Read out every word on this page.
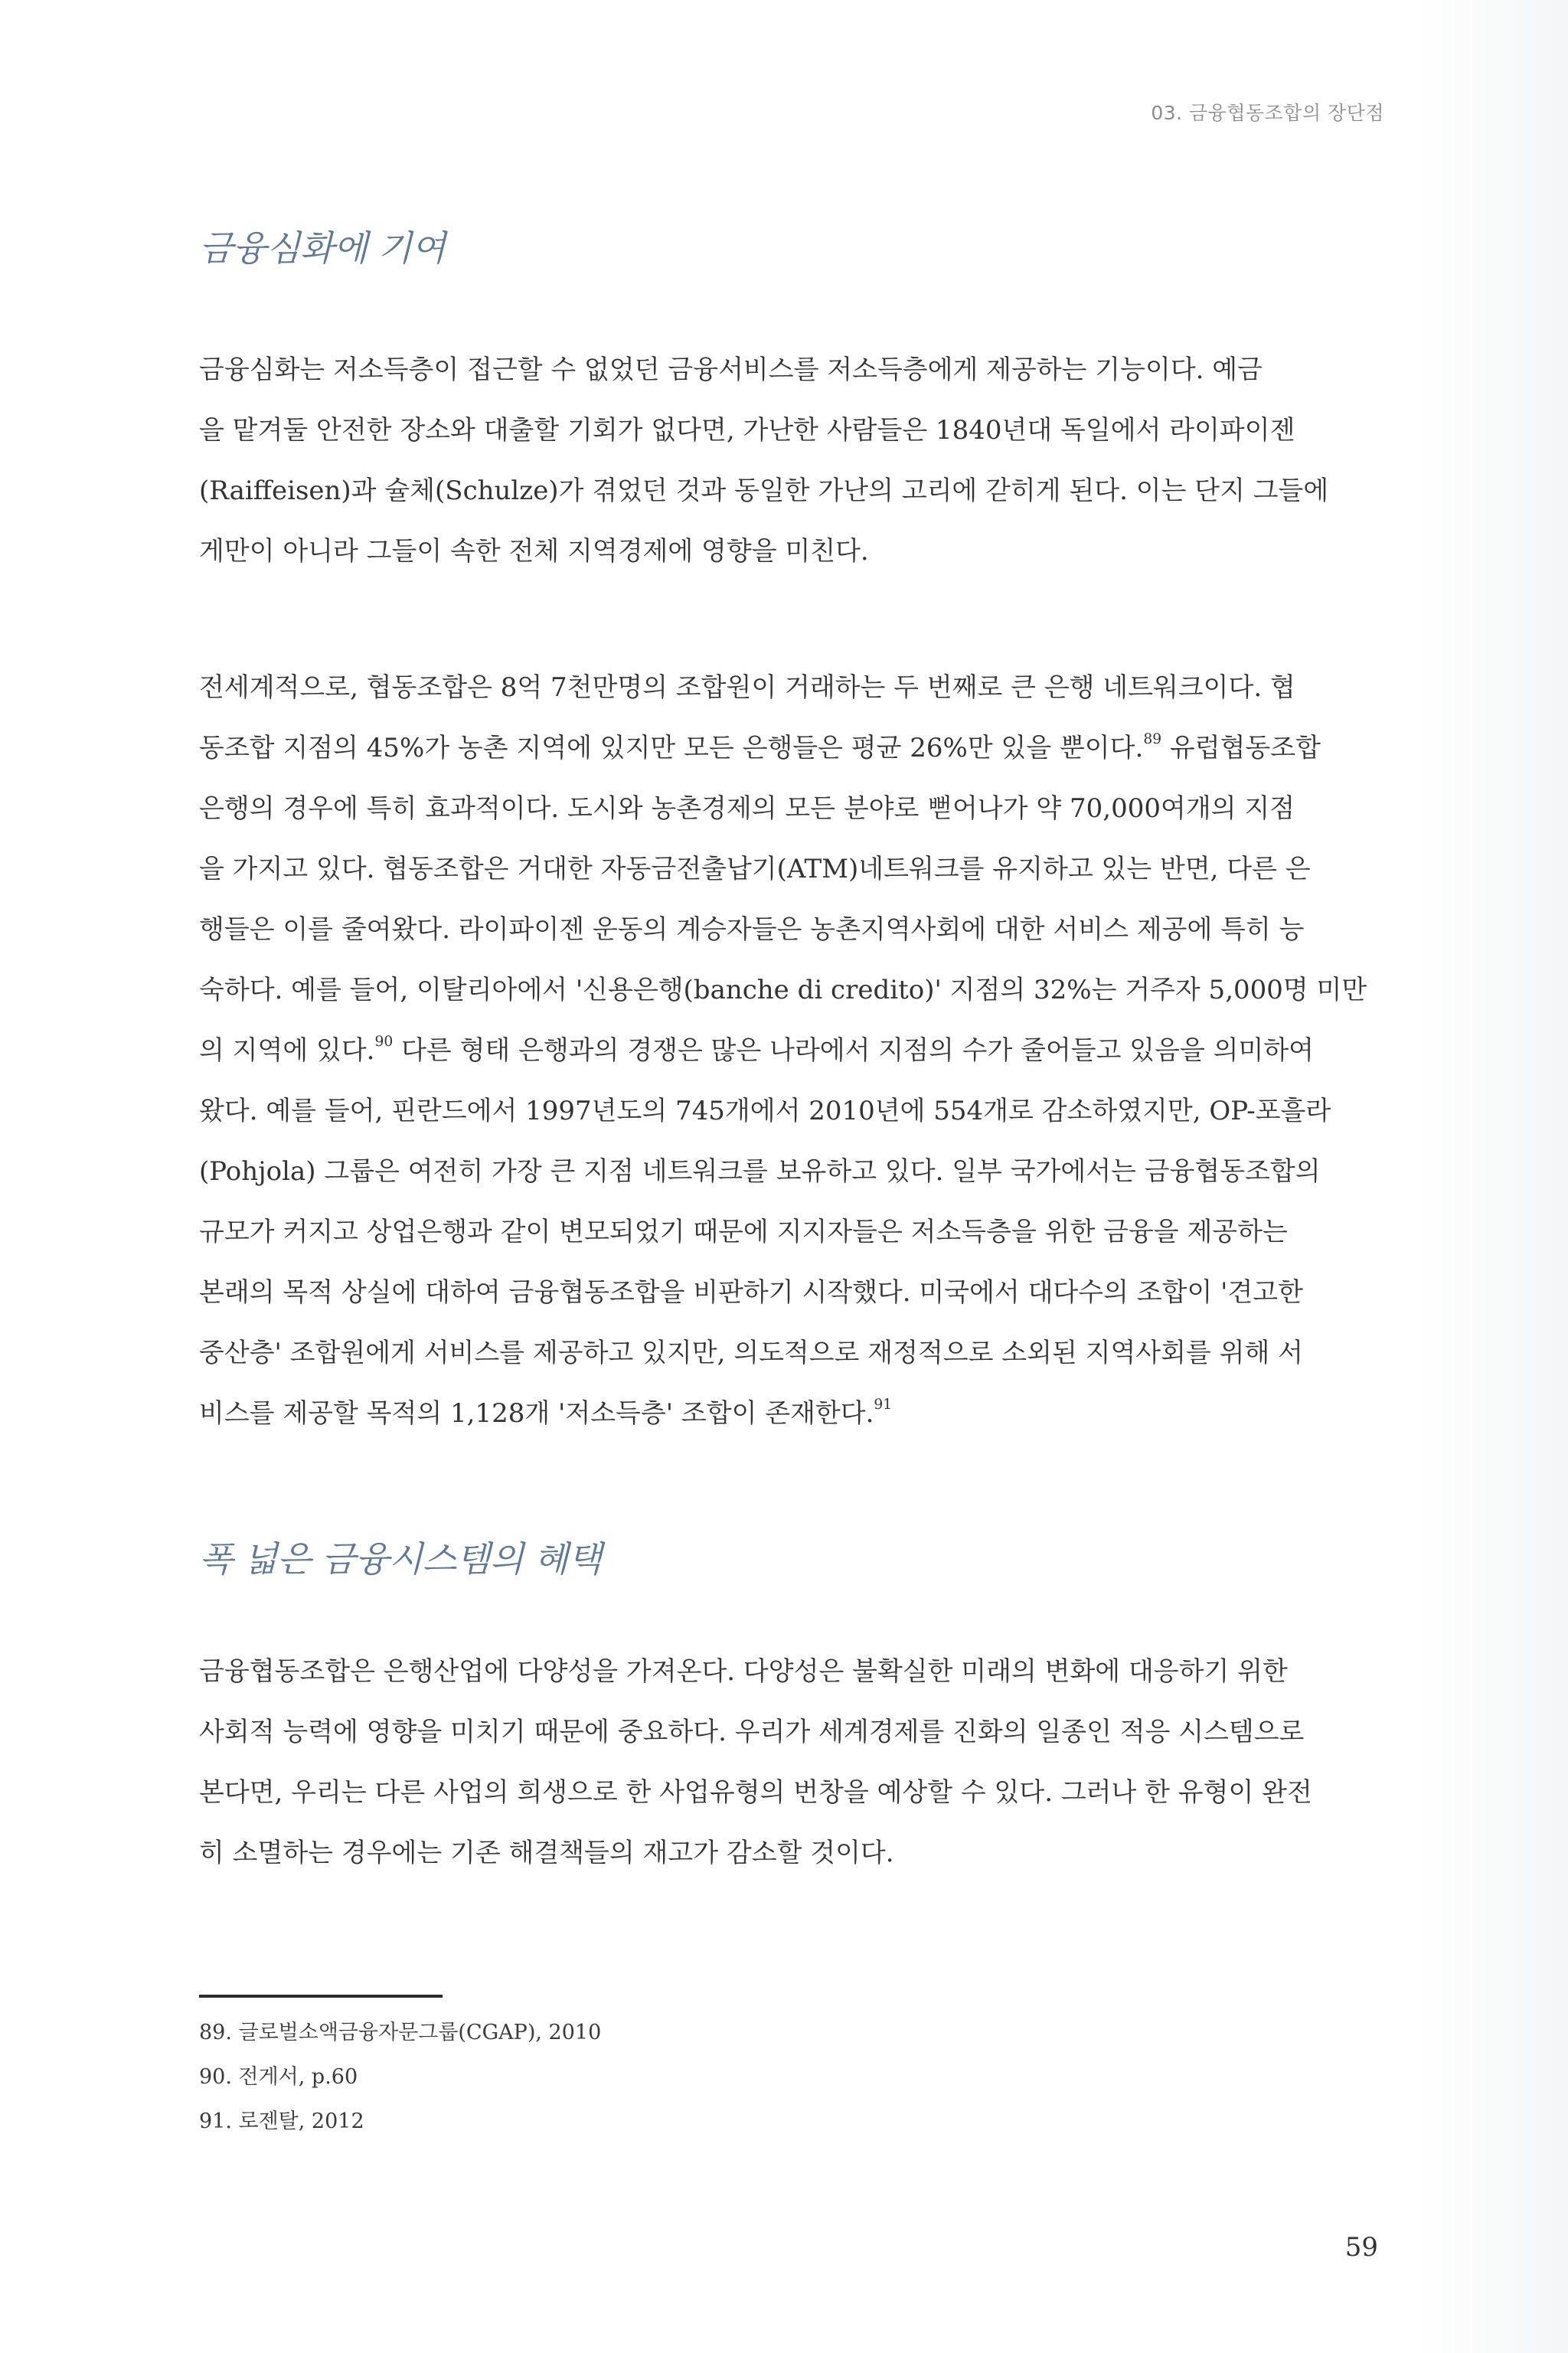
03. 금융협동조합의 장단점
금융심화에 기여
금융심화는 저소득층이 접근할 수 없었던 금융서비스를 저소득층에게 제공하는 기능이다. 예금
을 맡겨둘 안전한 장소와 대출할 기회가 없다면, 가난한 사람들은 1840년대 독일에서 라이파이젠
(Raiffeisen)과 슐체(Schulze)가 겪었던 것과 동일한 가난의 고리에 갇히게 된다. 이는 단지 그들에
게만이 아니라 그들이 속한 전체 지역경제에 영향을 미친다.
전세계적으로, 협동조합은 8억 7천만명의 조합원이 거래하는 두 번째로 큰 은행 네트워크이다. 협
동조합 지점의 45%가 농촌 지역에 있지만 모든 은행들은 평균 26%만 있을 뿐이다.$^{89}$ 유럽협동조합
은행의 경우에 특히 효과적이다. 도시와 농촌경제의 모든 분야로 뻗어나가 약 70,000여개의 지점
을 가지고 있다. 협동조합은 거대한 자동금전출납기(ATM)네트워크를 유지하고 있는 반면, 다른 은
행들은 이를 줄여왔다. 라이파이젠 운동의 계승자들은 농촌지역사회에 대한 서비스 제공에 특히 능
숙하다. 예를 들어, 이탈리아에서 '신용은행(banche di credito)' 지점의 32%는 거주자 5,000명 미만
의 지역에 있다.$^{90}$ 다른 형태 은행과의 경쟁은 많은 나라에서 지점의 수가 줄어들고 있음을 의미하여
왔다. 예를 들어, 핀란드에서 1997년도의 745개에서 2010년에 554개로 감소하였지만, OP-포흘라
(Pohjola) 그룹은 여전히 가장 큰 지점 네트워크를 보유하고 있다. 일부 국가에서는 금융협동조합의
규모가 커지고 상업은행과 같이 변모되었기 때문에 지지자들은 저소득층을 위한 금융을 제공하는
본래의 목적 상실에 대하여 금융협동조합을 비판하기 시작했다. 미국에서 대다수의 조합이 '견고한
중산층' 조합원에게 서비스를 제공하고 있지만, 의도적으로 재정적으로 소외된 지역사회를 위해 서
비스를 제공할 목적의 1,128개 '저소득층' 조합이 존재한다.$^{91}$
폭 넓은 금융시스템의 혜택
금융협동조합은 은행산업에 다양성을 가져온다. 다양성은 불확실한 미래의 변화에 대응하기 위한
사회적 능력에 영향을 미치기 때문에 중요하다. 우리가 세계경제를 진화의 일종인 적응 시스템으로
본다면, 우리는 다른 사업의 희생으로 한 사업유형의 번창을 예상할 수 있다. 그러나 한 유형이 완전
히 소멸하는 경우에는 기존 해결책들의 재고가 감소할 것이다.
89. 글로벌소액금융자문그룹(CGAP), 2010
90. 전게서, p.60
91. 로젠탈, 2012
59
